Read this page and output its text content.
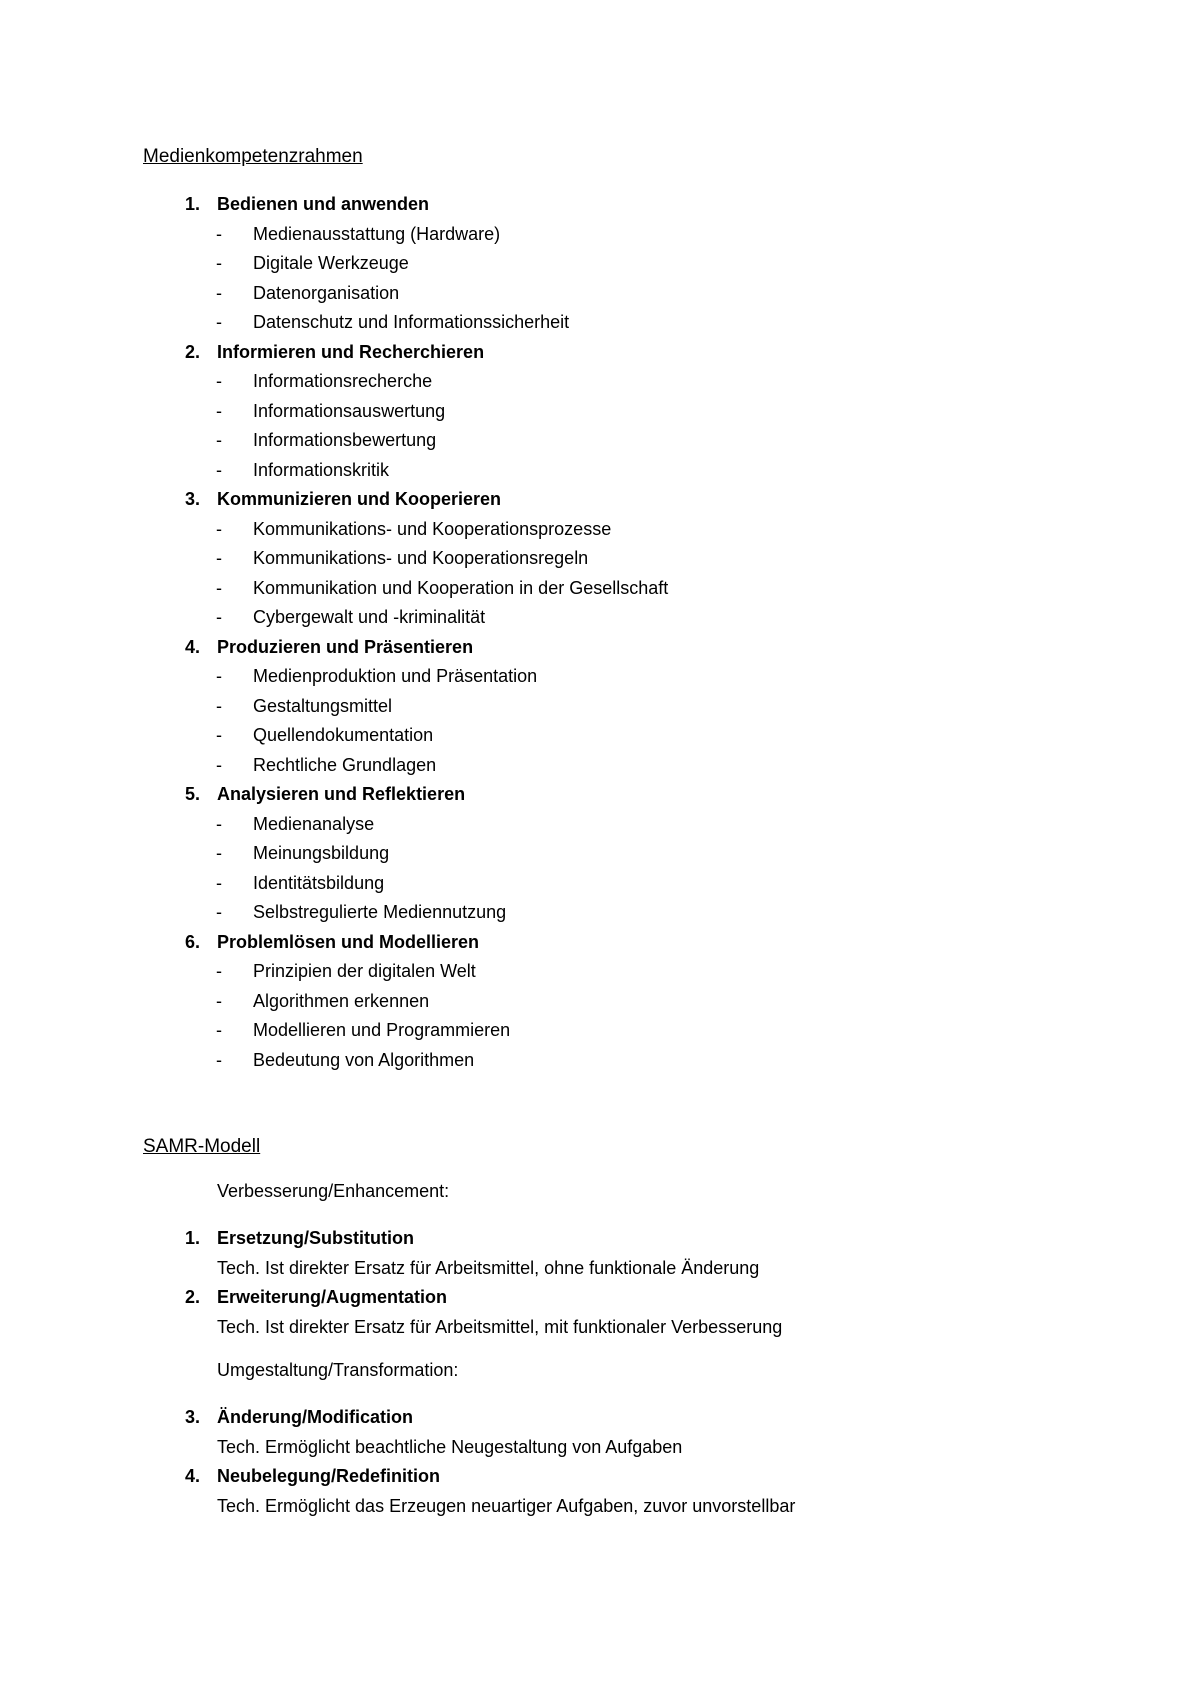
Medienkompetenzrahmen
1. Bedienen und anwenden
- Medienausstattung (Hardware)
- Digitale Werkzeuge
- Datenorganisation
- Datenschutz und Informationssicherheit
2. Informieren und Recherchieren
- Informationsrecherche
- Informationsauswertung
- Informationsbewertung
- Informationskritik
3. Kommunizieren und Kooperieren
- Kommunikations- und Kooperationsprozesse
- Kommunikations- und Kooperationsregeln
- Kommunikation und Kooperation in der Gesellschaft
- Cybergewalt und -kriminalität
4. Produzieren und Präsentieren
- Medienproduktion und Präsentation
- Gestaltungsmittel
- Quellendokumentation
- Rechtliche Grundlagen
5. Analysieren und Reflektieren
- Medienanalyse
- Meinungsbildung
- Identitätsbildung
- Selbstregulierte Mediennutzung
6. Problemlösen und Modellieren
- Prinzipien der digitalen Welt
- Algorithmen erkennen
- Modellieren und Programmieren
- Bedeutung von Algorithmen
SAMR-Modell
Verbesserung/Enhancement:
1. Ersetzung/Substitution
Tech. Ist direkter Ersatz für Arbeitsmittel, ohne funktionale Änderung
2. Erweiterung/Augmentation
Tech. Ist direkter Ersatz für Arbeitsmittel, mit funktionaler Verbesserung
Umgestaltung/Transformation:
3. Änderung/Modification
Tech. Ermöglicht beachtliche Neugestaltung von Aufgaben
4. Neubelegung/Redefinition
Tech. Ermöglicht das Erzeugen neuartiger Aufgaben, zuvor unvorstellbar
